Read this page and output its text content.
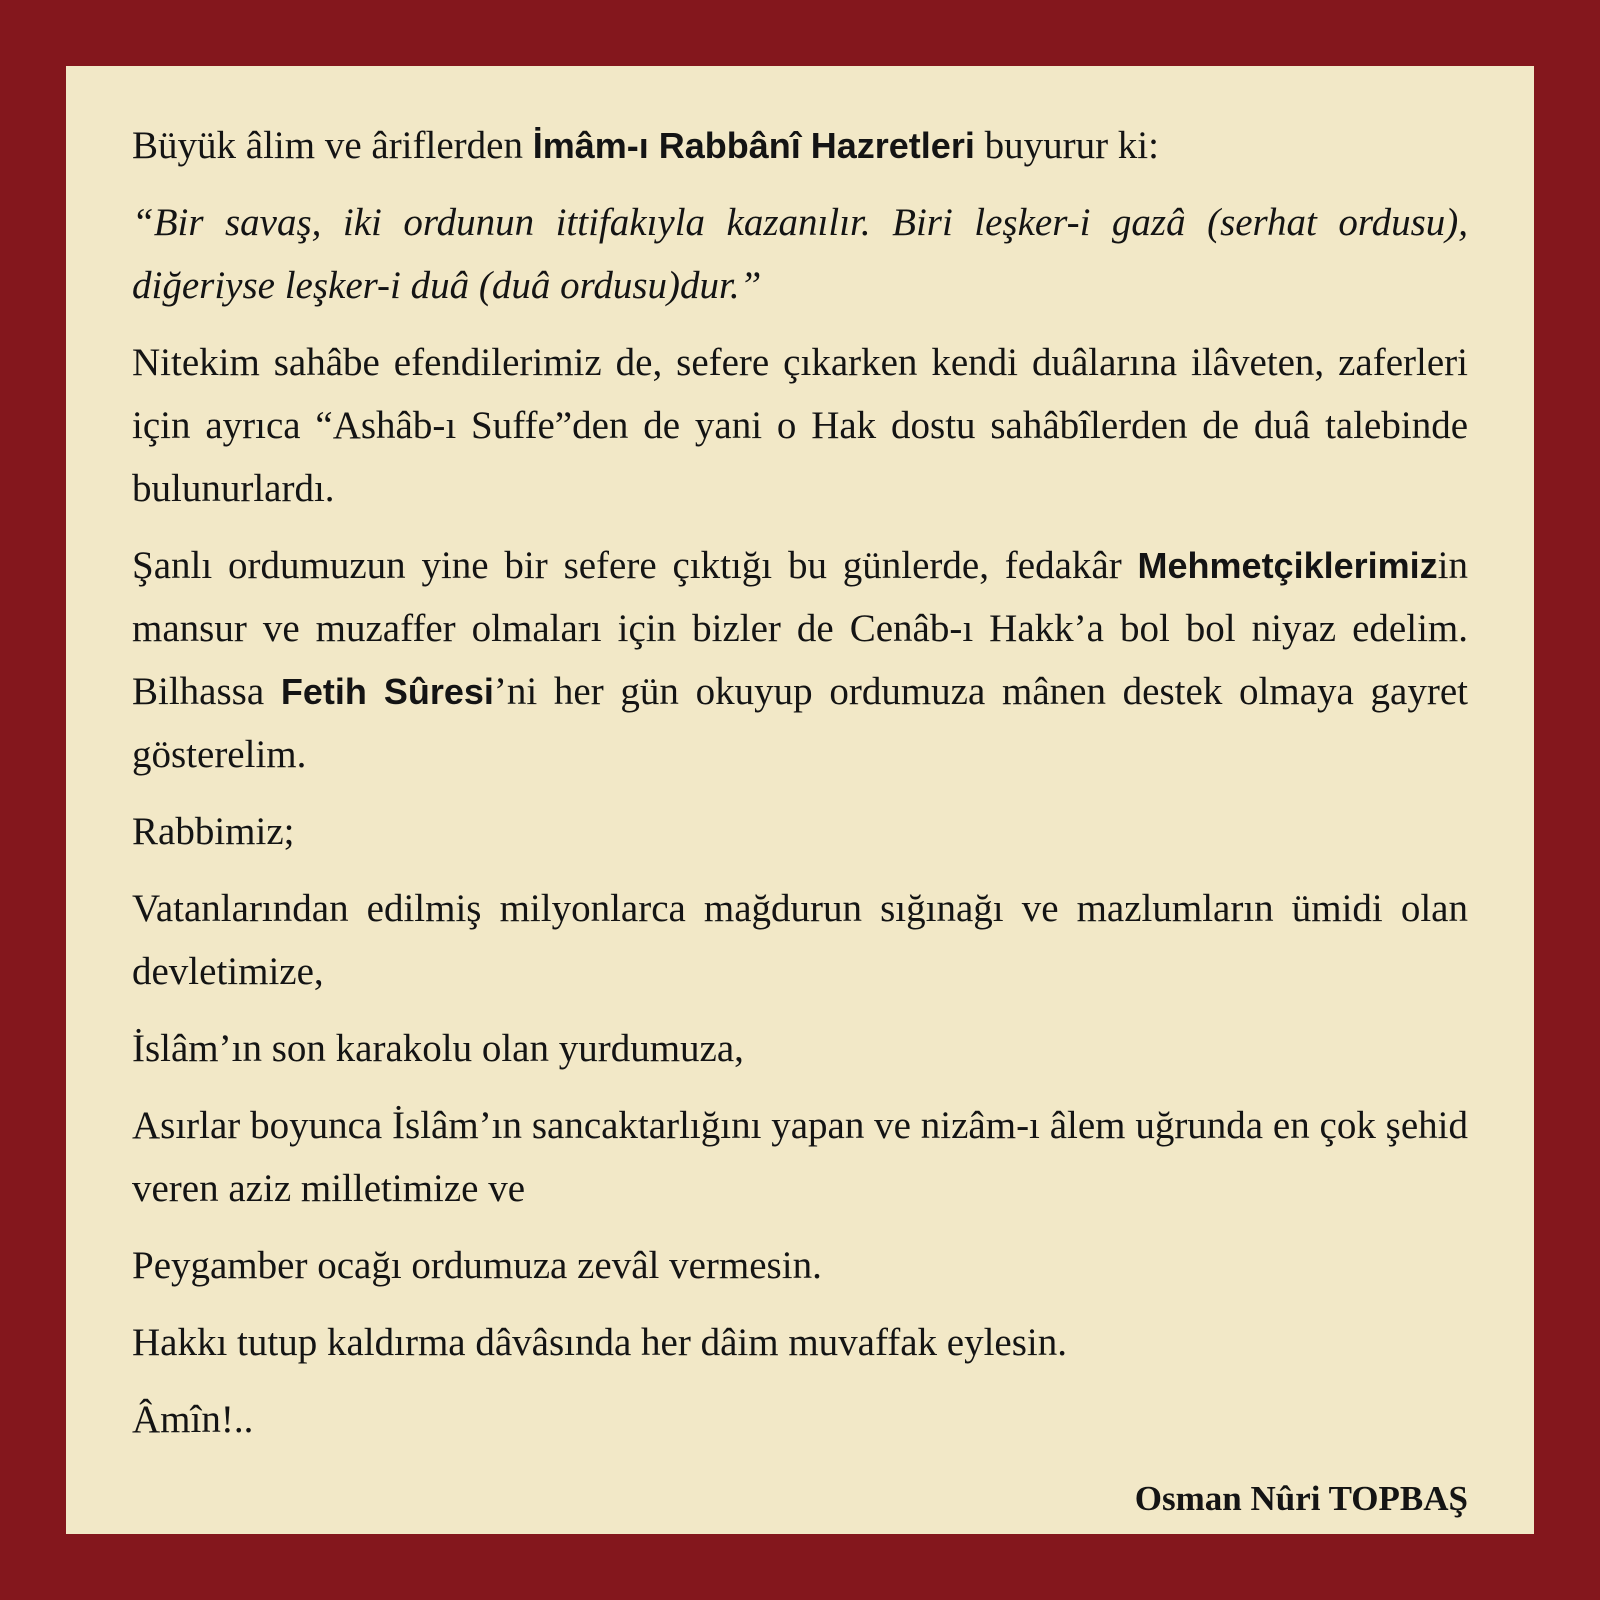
Büyük âlim ve âriflerden İmâm-ı Rabbânî Hazretleri buyurur ki:

“Bir savaş, iki ordunun ittifakıyla kazanılır. Biri leşker-i gazâ (serhat ordusu), diğeriyse leşker-i duâ (duâ ordusu)dur.”

Nitekim sahâbe efendilerimiz de, sefere çıkarken kendi duâlarına ilâveten, zaferleri için ayrıca “Ashâb-ı Suffe”den de yani o Hak dostu sahâbîlerden de duâ talebinde bulunurlardı.

Şanlı ordumuzun yine bir sefere çıktığı bu günlerde, fedakâr Mehmetçiklerimizin mansur ve muzaffer olmaları için bizler de Cenâb-ı Hakk’a bol bol niyaz edelim. Bilhassa Fetih Sûresi’ni her gün okuyup ordumuza mânen destek olmaya gayret gösterelim.

Rabbimiz;

Vatanlarından edilmiş milyonlarca mağdurun sığınağı ve mazlumların ümidi olan devletimize,

İslâm’ın son karakolu olan yurdumuza,

Asırlar boyunca İslâm’ın sancaktarlığını yapan ve nizâm-ı âlem uğrunda en çok şehid veren aziz milletimize ve

Peygamber ocağı ordumuza zevâl vermesin.

Hakkı tutup kaldırma dâvâsında her dâim muvaffak eylesin.

Âmîn!..

Osman Nûri TOPBAŞ
